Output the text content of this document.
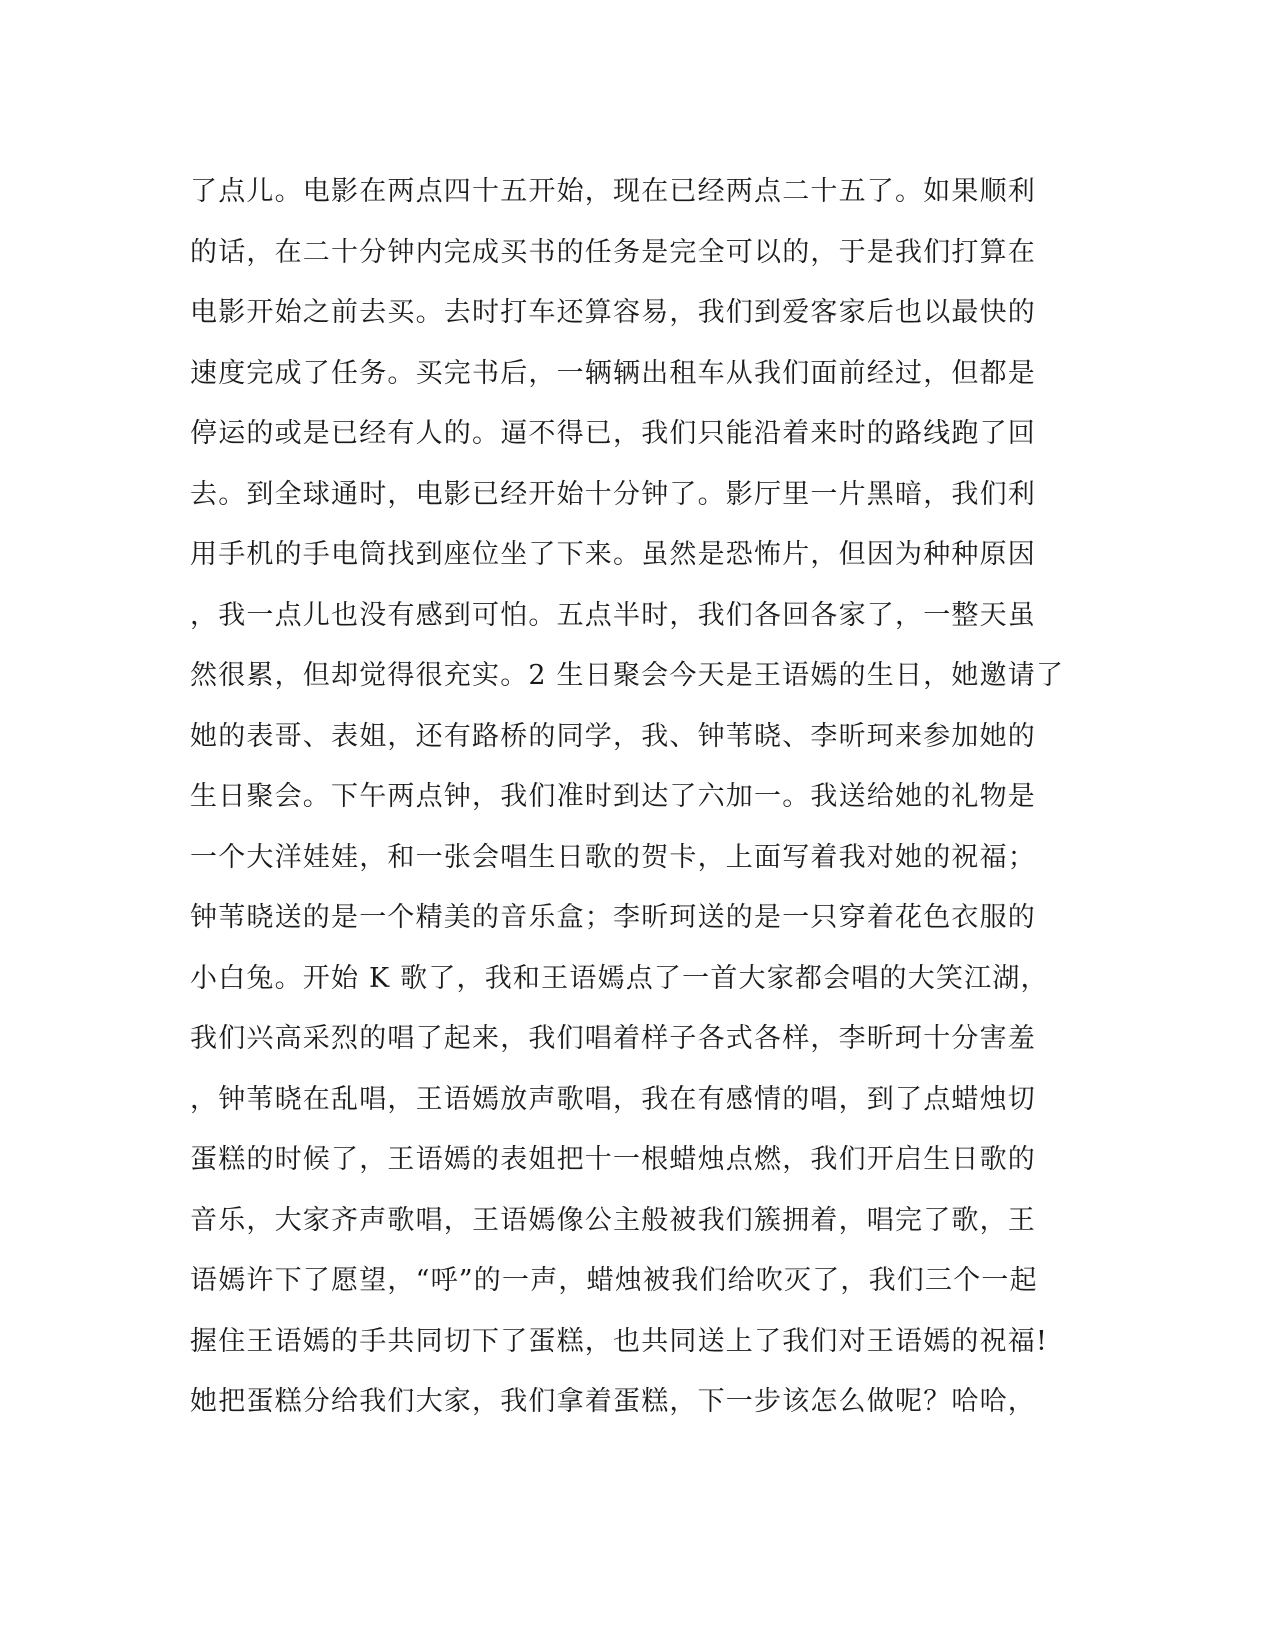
了点儿。电影在两点四十五开始，现在已经两点二十五了。如果顺利
的话，在二十分钟内完成买书的任务是完全可以的，于是我们打算在
电影开始之前去买。去时打车还算容易，我们到爱客家后也以最快的
速度完成了任务。买完书后，一辆辆出租车从我们面前经过，但都是
停运的或是已经有人的。逼不得已，我们只能沿着来时的路线跑了回
去。到全球通时，电影已经开始十分钟了。影厅里一片黑暗，我们利
用手机的手电筒找到座位坐了下来。虽然是恐怖片，但因为种种原因
，我一点儿也没有感到可怕。五点半时，我们各回各家了，一整天虽
然很累，但却觉得很充实。2 生日聚会今天是王语嫣的生日，她邀请了
她的表哥、表姐，还有路桥的同学，我、钟苇晓、李昕珂来参加她的
生日聚会。下午两点钟，我们准时到达了六加一。我送给她的礼物是
一个大洋娃娃，和一张会唱生日歌的贺卡，上面写着我对她的祝福；
钟苇晓送的是一个精美的音乐盒；李昕珂送的是一只穿着花色衣服的
小白兔。开始 K 歌了，我和王语嫣点了一首大家都会唱的大笑江湖，
我们兴高采烈的唱了起来，我们唱着样子各式各样，李昕珂十分害羞
，钟苇晓在乱唱，王语嫣放声歌唱，我在有感情的唱，到了点蜡烛切
蛋糕的时候了，王语嫣的表姐把十一根蜡烛点燃，我们开启生日歌的
音乐，大家齐声歌唱，王语嫣像公主般被我们簇拥着，唱完了歌，王
语嫣许下了愿望，“呼”的一声，蜡烛被我们给吹灭了，我们三个一起
握住王语嫣的手共同切下了蛋糕，也共同送上了我们对王语嫣的祝福!
她把蛋糕分给我们大家，我们拿着蛋糕，下一步该怎么做呢？哈哈，
